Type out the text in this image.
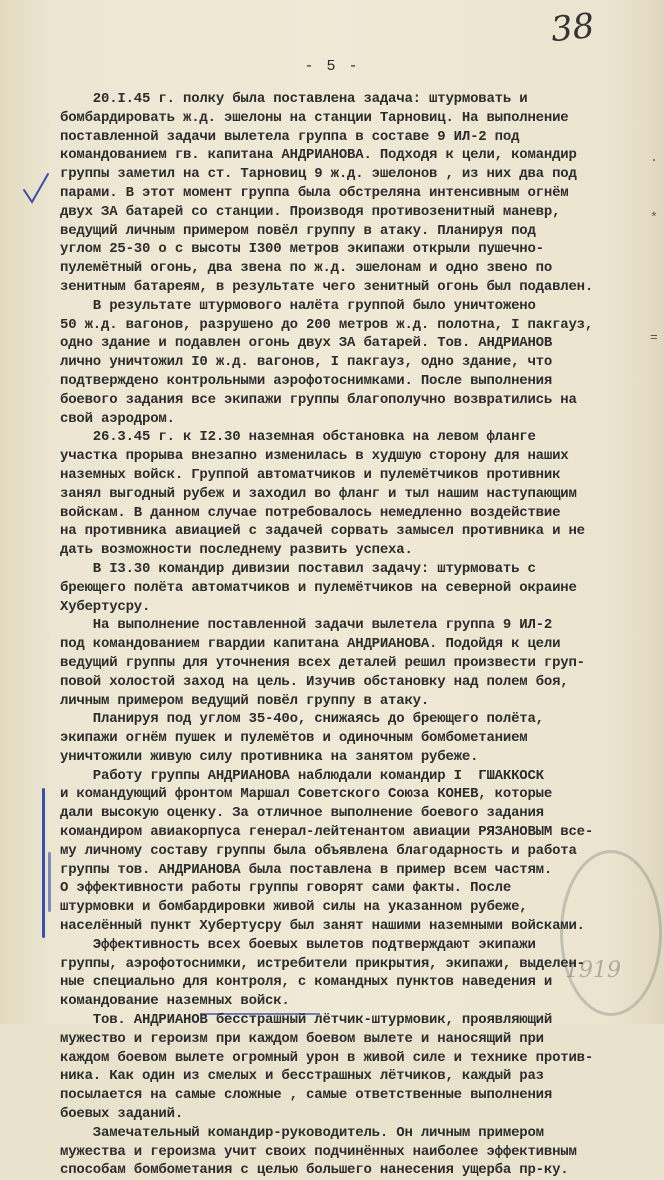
38
- 5 -
.
*
=
1919
20.I.45 г. полку была поставлена задача: штурмовать и
бомбардировать ж.д. эшелоны на станции Тарновиц. На выполнение
поставленной задачи вылетела группа в составе 9 ИЛ-2 под
командованием гв. капитана АНДРИАНОВА. Подходя к цели, командир
группы заметил на ст. Тарновиц 9 ж.д. эшелонов , из них два под
парами. В этот момент группа была обстреляна интенсивным огнём
двух ЗА батарей со станции. Производя противозенитный маневр,
ведущий личным примером повёл группу в атаку. Планируя под
углом 25-30 о с высоты I300 метров экипажи открыли пушечно-
пулемётный огонь, два звена по ж.д. эшелонам и одно звено по
зенитным батареям, в результате чего зенитный огонь был подавлен.
В результате штурмового налёта группой было уничтожено
50 ж.д. вагонов, разрушено до 200 метров ж.д. полотна, I пакгауз,
одно здание и подавлен огонь двух ЗА батарей. Тов. АНДРИАНОВ
лично уничтожил I0 ж.д. вагонов, I пакгауз, одно здание, что
подтверждено контрольными аэрофотоснимками. После выполнения
боевого задания все экипажи группы благополучно возвратились на
свой аэродром.
26.3.45 г. к I2.30 наземная обстановка на левом фланге
участка прорыва внезапно изменилась в худшую сторону для наших
наземных войск. Группой автоматчиков и пулемётчиков противник
занял выгодный рубеж и заходил во фланг и тыл нашим наступающим
войскам. В данном случае потребовалось немедленно воздействие
на противника авиацией с задачей сорвать замысел противника и не
дать возможности последнему развить успеха.
В I3.30 командир дивизии поставил задачу: штурмовать с
бреющего полёта автоматчиков и пулемётчиков на северной окраине
Хубертусру.
На выполнение поставленной задачи вылетела группа 9 ИЛ-2
под командованием гвардии капитана АНДРИАНОВА. Подойдя к цели
ведущий группы для уточнения всех деталей решил произвести груп-
повой холостой заход на цель. Изучив обстановку над полем боя,
личным примером ведущий повёл группу в атаку.
Планируя под углом 35-40о, снижаясь до бреющего полёта,
экипажи огнём пушек и пулемётов и одиночным бомбометанием
уничтожили живую силу противника на занятом рубеже.
Работу группы АНДРИАНОВА наблюдали командир I  ГШАККОСК
и командующий фронтом Маршал Советского Союза КОНЕВ, которые
дали высокую оценку. За отличное выполнение боевого задания
командиром авиакорпуса генерал-лейтенантом авиации РЯЗАНОВЫМ все-
му личному составу группы была объявлена благодарность и работа
группы тов. АНДРИАНОВА была поставлена в пример всем частям.
О эффективности работы группы говорят сами факты. После
штурмовки и бомбардировки живой силы на указанном рубеже,
населённый пункт Хубертусру был занят нашими наземными войсками.
Эффективность всех боевых вылетов подтверждают экипажи
группы, аэрофотоснимки, истребители прикрытия, экипажи, выделен-
ные специально для контроля, с командных пунктов наведения и
командование наземных войск.
Тов. АНДРИАНОВ бесстрашный лётчик-штурмовик, проявляющий
мужество и героизм при каждом боевом вылете и наносящий при
каждом боевом вылете огромный урон в живой силе и технике против-
ника. Как один из смелых и бесстрашных лётчиков, каждый раз
посылается на самые сложные , самые ответственные выполнения
боевых заданий.
Замечательный командир-руководитель. Он личным примером
мужества и героизма учит своих подчинённых наиболее эффективным
способам бомбометания с целью большего нанесения ущерба пр-ку.
